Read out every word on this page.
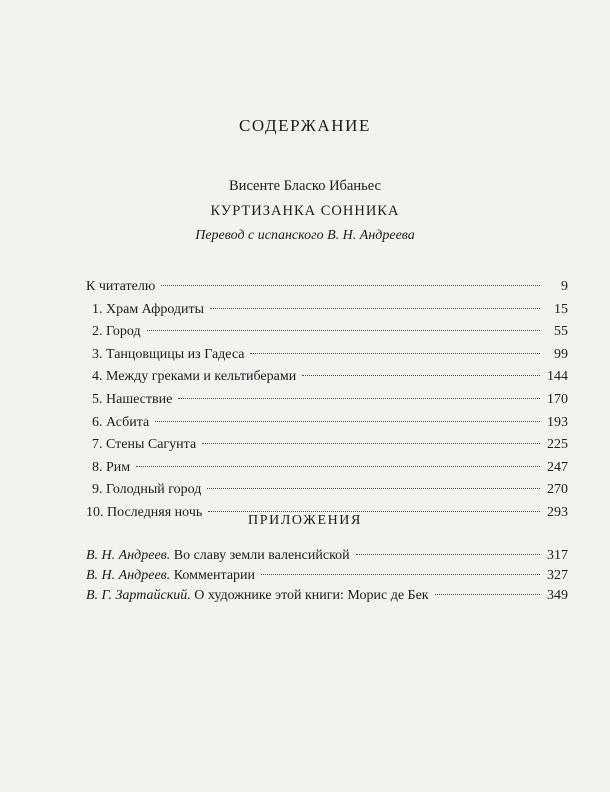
СОДЕРЖАНИЕ
Висенте Бласко Ибаньес
КУРТИЗАНКА СОННИКА
Перевод с испанского В. Н. Андреева
К читателю	9
1. Храм Афродиты	15
2. Город	55
3. Танцовщицы из Гадеса	99
4. Между греками и кельтиберами	144
5. Нашествие	170
6. Асбита	193
7. Стены Сагунта	225
8. Рим	247
9. Голодный город	270
10. Последняя ночь	293
ПРИЛОЖЕНИЯ
В. Н. Андреев. Во славу земли валенсийской	317
В. Н. Андреев. Комментарии	327
В. Г. Зартайский. О художнике этой книги: Морис де Бек	349
